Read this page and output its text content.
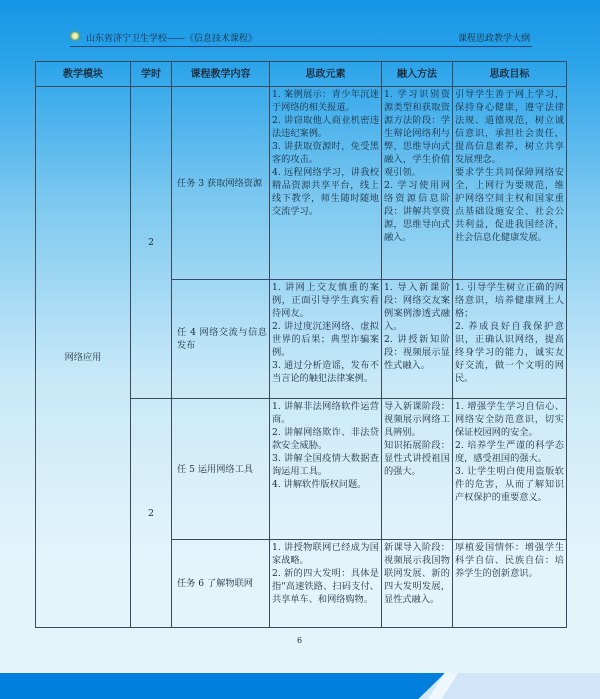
山东省济宁卫生学校——《信息技术课程》	课程思政教学大纲
教学模块	学时	课程教学内容	思政元素	融入方法	思政目标
网络应用	2	任务 3 获取网络资源	1. 案例展示：青少年沉迷于网络的相关报道。
2. 讲窃取他人商业机密违法违纪案例。
3. 讲获取资源时，免受黑客的攻击。
4. 远程网络学习，讲我校精品资源共享平台，线上线下教学，师生随时随地交流学习。	1. 学习识别资源类型和获取资源方法阶段：学生辩论网络利与弊，思维导向式融入，学生价值观引领。
2. 学习使用网络资源信息阶段：讲解共享资源，思维导向式融入。	引导学生善于网上学习，保持身心健康，遵守法律法规、道德规范，树立诚信意识，承担社会责任，提高信息素养，树立共享发展理念。
要求学生共同保障网络安全，上网行为要规范，维护网络空间主权和国家重点基础设施安全、社会公共利益，促进我国经济，社会信息化健康发展。

		任 4 网络交流与信息发布	1. 讲网上交友慎重的案例，正面引导学生真实看待网友。
2. 讲过度沉迷网络、虚拟世界的后果；典型诈骗案例。
3. 通过分析造谣，发布不当言论的触犯法律案例。	1. 导入新课阶段：网络交友案例案例渗透式融入。
2. 讲授新知阶段：视频展示显性式融入。	1. 引导学生树立正确的网络意识，培养健康网上人格；
2. 养成良好自我保护意识，正确认识网络，提高终身学习的能力，诚实友好交流，做一个文明的网民。

	2	任 5 运用网络工具	1. 讲解非法网络软件运营商。
2. 讲解网络欺诈、非法贷款安全威胁。
3. 讲解全国疫情大数据查询运用工具。
4. 讲解软件版权问题。	导入新课阶段：视频展示网络工具辨别。
知识拓展阶段：显性式讲授祖国的强大。	1. 增强学生学习自信心、网络安全防范意识，切实保证校园网的安全。
2. 培养学生严谨的科学态度，感受祖国的强大。
3. 让学生明白使用盗版软件的危害，从而了解知识产权保护的重要意义。

		任务 6 了解物联网	1. 讲授物联网已经成为国家战略。
2. 新的四大发明：具体是指"高速铁路、扫码支付、共享单车、和网络购物。	新课导入阶段：视频展示我国物联网发展、新的四大发明发展，显性式融入。	厚植爱国情怀：增强学生科学自信、民族自信：培养学生的创新意识。
6
